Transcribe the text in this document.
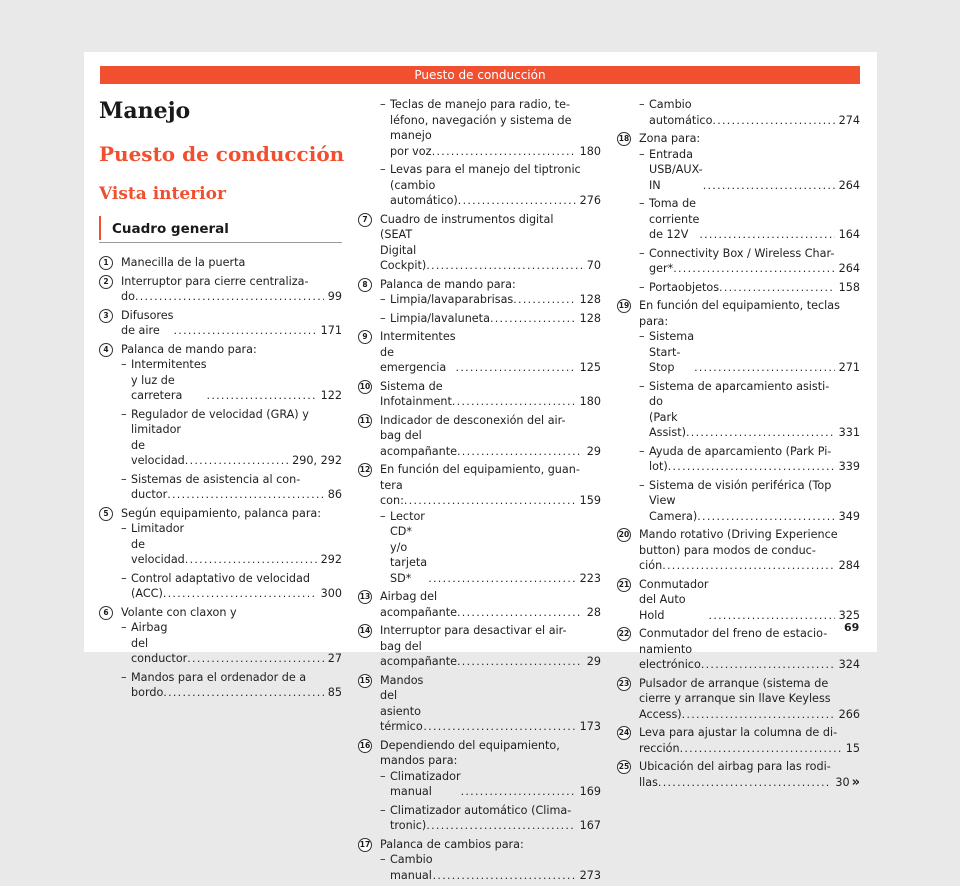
Puesto de conducción
Manejo
Puesto de conducción
Vista interior
Cuadro general
1	Manecilla de la puerta
2	Interruptor para cierre centraliza-
do .....	99
3	Difusores de aire .....	171
4	Palanca de mando para:
– Intermitentes y luz de carretera .....	122
– Regulador de velocidad (GRA) y
limitador de velocidad .....	290, 292
– Sistemas de asistencia al con-
ductor .....	86
5	Según equipamiento, palanca para:
– Limitador de velocidad .....	292
– Control adaptativo de velocidad
(ACC) .....	300
6	Volante con claxon y
– Airbag del conductor .....	27
– Mandos para el ordenador de a
bordo .....	85
– Teclas de manejo para radio, te-
léfono, navegación y sistema de
manejo por voz .....	180
– Levas para el manejo del tiptronic
(cambio automático) .....	276
7	Cuadro de instrumentos digital
(SEAT Digital Cockpit) .....	70
8	Palanca de mando para:
– Limpia/lavaparabrisas .....	128
– Limpia/lavaluneta .....	128
9	Intermitentes de emergencia .....	125
10 Sistema de Infotainment .....	180
11 Indicador de desconexión del air-
bag del acompañante .....	29
12 En función del equipamiento, guan-
tera con: .....	159
– Lector CD* y/o tarjeta SD* .....	223
13 Airbag del acompañante .....	28
14 Interruptor para desactivar el air-
bag del acompañante .....	29
15 Mandos del asiento térmico .....	173
16 Dependiendo del equipamiento,
mandos para:
– Climatizador manual .....	169
– Climatizador automático (Clima-
tronic) .....	167
17 Palanca de cambios para:
– Cambio manual .....	273
– Cambio automático .....	274
18 Zona para:
– Entrada USB/AUX-IN .....	264
– Toma de corriente de 12V .....	164
– Connectivity Box / Wireless Char-
ger* .....	264
– Portaobjetos .....	158
19 En función del equipamiento, teclas
para:
– Sistema Start-Stop .....	271
– Sistema de aparcamiento asisti-
do (Park Assist) .....	331
– Ayuda de aparcamiento (Park Pi-
lot) .....	339
– Sistema de visión periférica (Top
View Camera) .....	349
20 Mando rotativo (Driving Experience
button) para modos de conduc-
ción .....	284
21 Conmutador del Auto Hold .....	325
22 Conmutador del freno de estacio-
namiento electrónico .....	324
23 Pulsador de arranque (sistema de
cierre y arranque sin llave Keyless
Access) .....	266
24 Leva para ajustar la columna de di-
rección .....	15
25 Ubicación del airbag para las rodi-
llas .....	30 »
69
